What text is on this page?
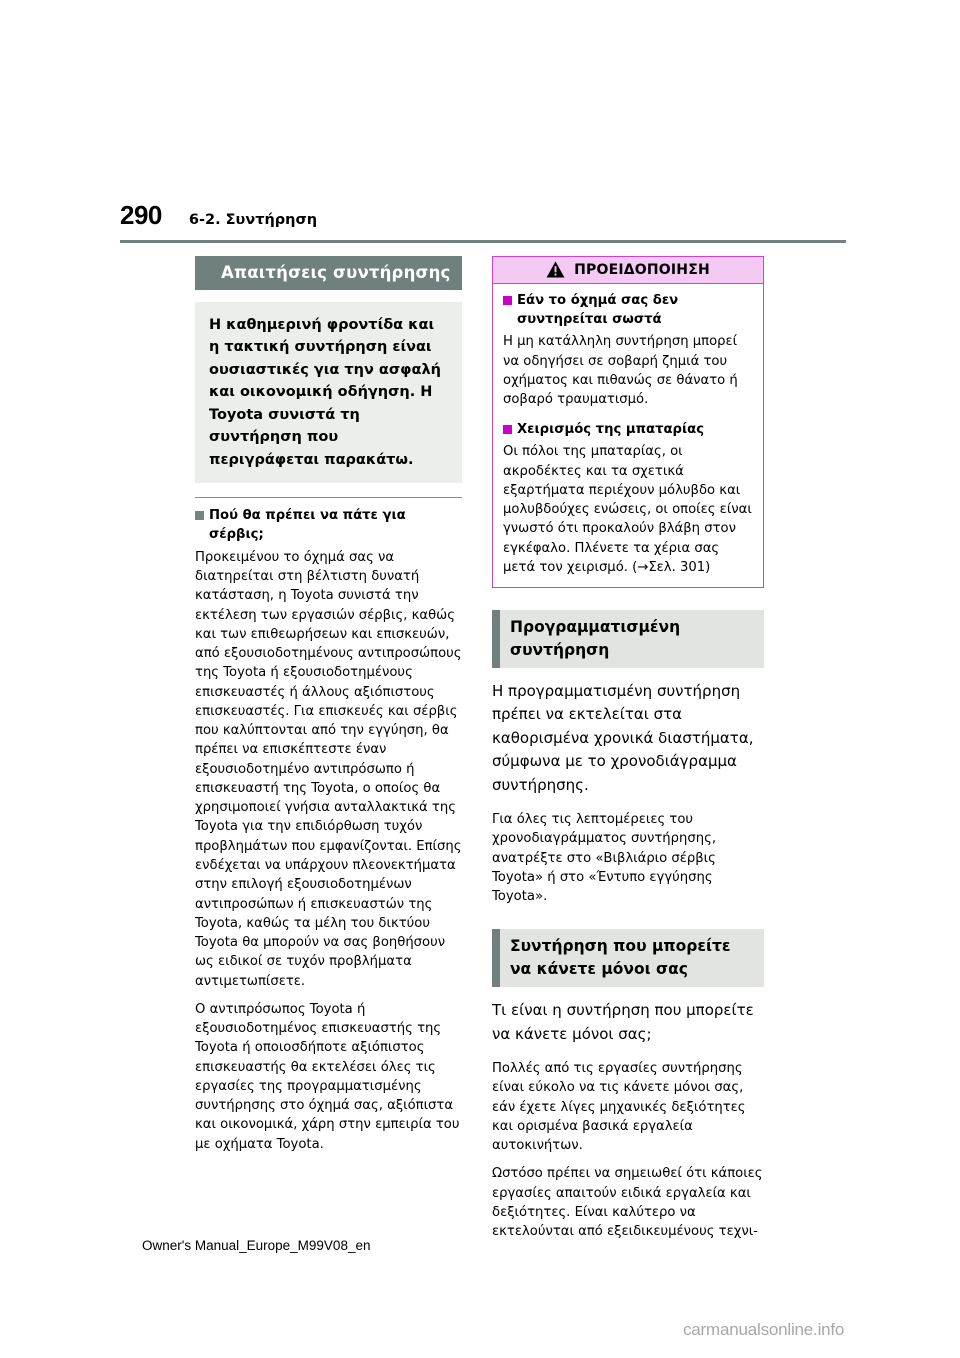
290 6-2. Συντήρηση
Απαιτήσεις συντήρησης
Η καθημερινή φροντίδα και η τακτική συντήρηση είναι ουσιαστικές για την ασφαλή και οικονομική οδήγηση. Η Toyota συνιστά τη συντήρηση που περιγράφεται παρακάτω.
Πού θα πρέπει να πάτε για σέρβις;

Προκειμένου το όχημά σας να διατηρείται στη βέλτιστη δυνατή κατάσταση, η Toyota συνιστά την εκτέλεση των εργασιών σέρβις, καθώς και των επιθεωρήσεων και επισκευών, από εξουσιοδοτημένους αντιπροσώπους της Toyota ή εξουσιοδοτημένους επισκευαστές ή άλλους αξιόπιστους επισκευαστές. Για επισκευές και σέρβις που καλύπτονται από την εγγύηση, θα πρέπει να επισκέπτεστε έναν εξουσιοδοτημένο αντιπρόσωπο ή επισκευαστή της Toyota, ο οποίος θα χρησιμοποιεί γνήσια ανταλλακτικά της Toyota για την επιδιόρθωση τυχόν προβλημάτων που εμφανίζονται. Επίσης ενδέχεται να υπάρχουν πλεονεκτήματα στην επιλογή εξουσιοδοτημένων αντιπροσώπων ή επισκευαστών της Toyota, καθώς τα μέλη του δικτύου Toyota θα μπορούν να σας βοηθήσουν ως ειδικοί σε τυχόν προβλήματα αντιμετωπίσετε.

Ο αντιπρόσωπος Toyota ή εξουσιοδοτημένος επισκευαστής της Toyota ή οποιοσδήποτε αξιόπιστος επισκευαστής θα εκτελέσει όλες τις εργασίες της προγραμματισμένης συντήρησης στο όχημά σας, αξιόπιστα και οικονομικά, χάρη στην εμπειρία του με οχήματα Toyota.

ΠΡΟΕΙΔΟΠΟΙΗΣΗ
Εάν το όχημά σας δεν συντηρείται σωστά

Η μη κατάλληλη συντήρηση μπορεί να οδηγήσει σε σοβαρή ζημιά του οχήματος και πιθανώς σε θάνατο ή σοβαρό τραυματισμό.

Χειρισμός της μπαταρίας

Οι πόλοι της μπαταρίας, οι ακροδέκτες και τα σχετικά εξαρτήματα περιέχουν μόλυβδο και μολυβδούχες ενώσεις, οι οποίες είναι γνωστό ότι προκαλούν βλάβη στον εγκέφαλο. Πλένετε τα χέρια σας μετά τον χειρισμό. (→Σελ. 301)

Προγραμματισμένη συντήρηση

Η προγραμματισμένη συντήρηση πρέπει να εκτελείται στα καθορισμένα χρονικά διαστήματα, σύμφωνα με το χρονοδιάγραμμα συντήρησης.

Για όλες τις λεπτομέρειες του χρονοδιαγράμματος συντήρησης, ανατρέξτε στο «Βιβλιάριο σέρβις Toyota» ή στο «Έντυπο εγγύησης Toyota».

Συντήρηση που μπορείτε να κάνετε μόνοι σας

Τι είναι η συντήρηση που μπορείτε να κάνετε μόνοι σας;

Πολλές από τις εργασίες συντήρησης είναι εύκολο να τις κάνετε μόνοι σας, εάν έχετε λίγες μηχανικές δεξιότητες και ορισμένα βασικά εργαλεία αυτοκινήτων.

Ωστόσο πρέπει να σημειωθεί ότι κάποιες εργασίες απαιτούν ειδικά εργαλεία και δεξιότητες. Είναι καλύτερο να εκτελούνται από εξειδικευμένους τεχνι-

Owner's Manual_Europe_M99V08_en
carmanualsonline.info
